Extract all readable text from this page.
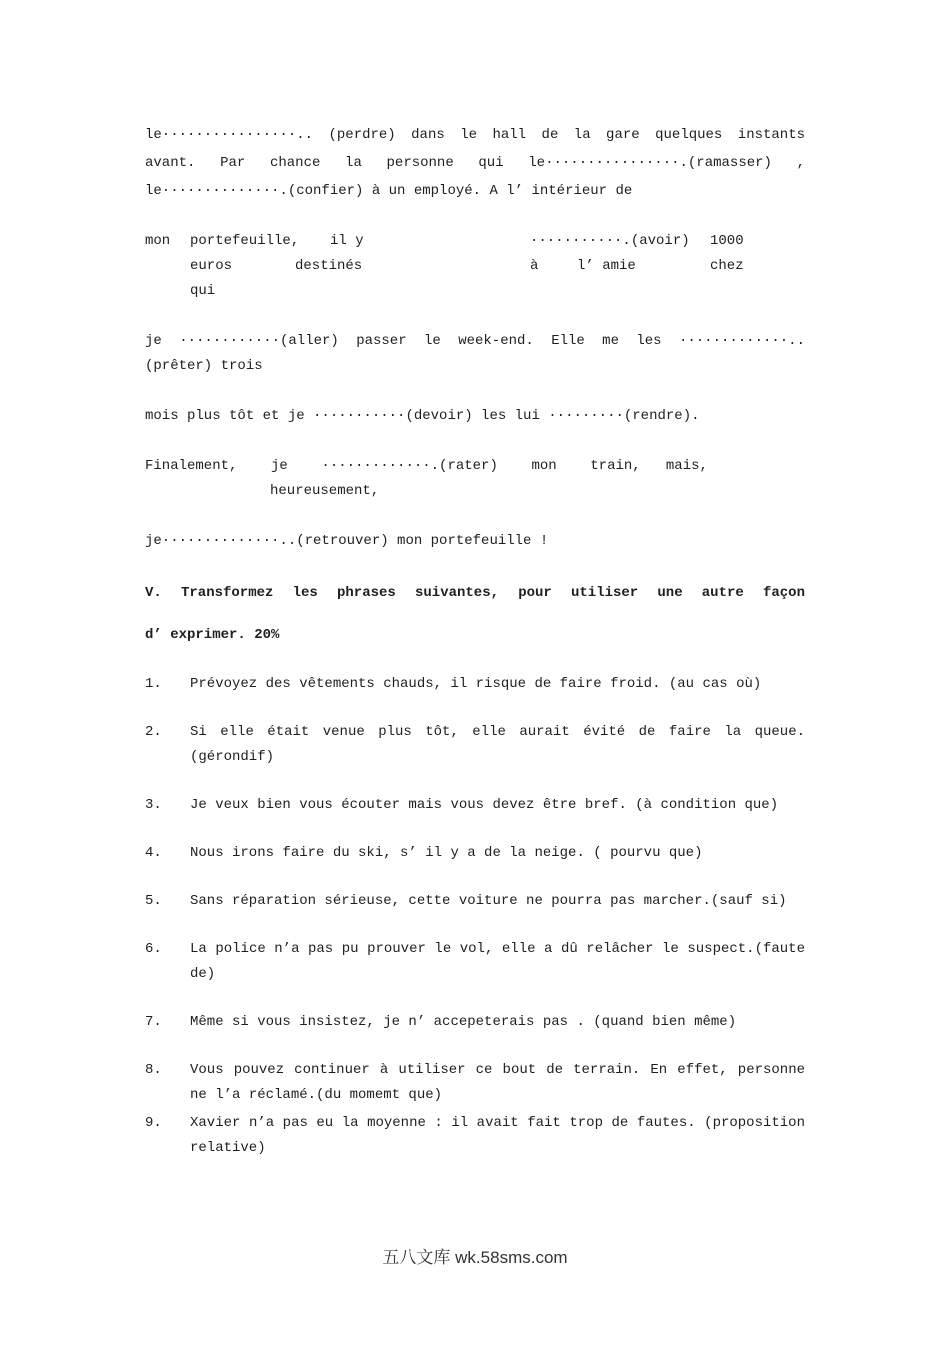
le················.. (perdre) dans le hall de la gare quelques instants
avant. Par chance la personne qui le················.(ramasser) ,
le··············.(confier) à un employé. A l’ intérieur de
mon portefeuille, il y	···········.(avoir) 1000
euros	destinés	à	l’ amie	chez
qui
je ············(aller) passer le week-end. Elle me les ·············..
(prêter) trois
mois plus tôt et je ···········(devoir) les lui ·········(rendre).
Finalement,    je    ·············.(rater)    mon    train,   mais,
heureusement,
je··············..(retrouver) mon portefeuille !
V. Transformez les phrases suivantes, pour utiliser une autre façon
d’ exprimer. 20%
1.	Prévoyez des vêtements chauds, il risque de faire froid. (au cas où)
2.	Si elle était venue plus tôt, elle aurait évité de faire la queue.
(gérondif)
3.	Je veux bien vous écouter mais vous devez être bref. (à condition que)
4.	Nous irons faire du ski, s’ il y a de la neige. ( pourvu que)
5.	Sans réparation sérieuse, cette voiture ne pourra pas marcher.(sauf si)
6.	La police n’a pas pu prouver le vol, elle a dû relâcher le suspect.(faute
de)
7.	Même si vous insistez, je n’ accepeterais pas . (quand bien même)
8.	Vous pouvez continuer à utiliser ce bout de terrain. En effet, personne
ne l’a réclamé.(du momemt que)
9.	Xavier n’a pas eu la moyenne : il avait fait trop de fautes. (proposition
relative)
五八文库 wk.58sms.com
